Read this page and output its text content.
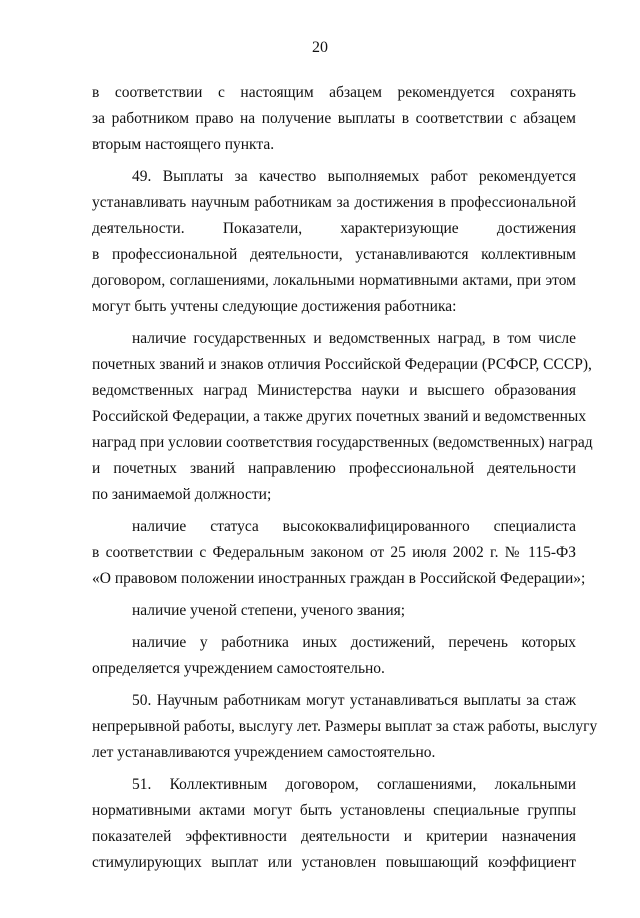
20
в соответствии с настоящим абзацем рекомендуется сохранять
за работником право на получение выплаты в соответствии с абзацем
вторым настоящего пункта.
49. Выплаты за качество выполняемых работ рекомендуется
устанавливать научным работникам за достижения в профессиональной
деятельности. Показатели, характеризующие достижения
в профессиональной деятельности, устанавливаются коллективным
договором, соглашениями, локальными нормативными актами, при этом
могут быть учтены следующие достижения работника:
наличие государственных и ведомственных наград, в том числе
почетных званий и знаков отличия Российской Федерации (РСФСР, СССР),
ведомственных наград Министерства науки и высшего образования
Российской Федерации, а также других почетных званий и ведомственных
наград при условии соответствия государственных (ведомственных) наград
и почетных званий направлению профессиональной деятельности
по занимаемой должности;
наличие статуса высококвалифицированного специалиста
в соответствии с Федеральным законом от 25 июля 2002 г. № 115-ФЗ
«О правовом положении иностранных граждан в Российской Федерации»;
наличие ученой степени, ученого звания;
наличие у работника иных достижений, перечень которых
определяется учреждением самостоятельно.
50. Научным работникам могут устанавливаться выплаты за стаж
непрерывной работы, выслугу лет. Размеры выплат за стаж работы, выслугу
лет устанавливаются учреждением самостоятельно.
51. Коллективным договором, соглашениями, локальными
нормативными актами могут быть установлены специальные группы
показателей эффективности деятельности и критерии назначения
стимулирующих выплат или установлен повышающий коэффициент
